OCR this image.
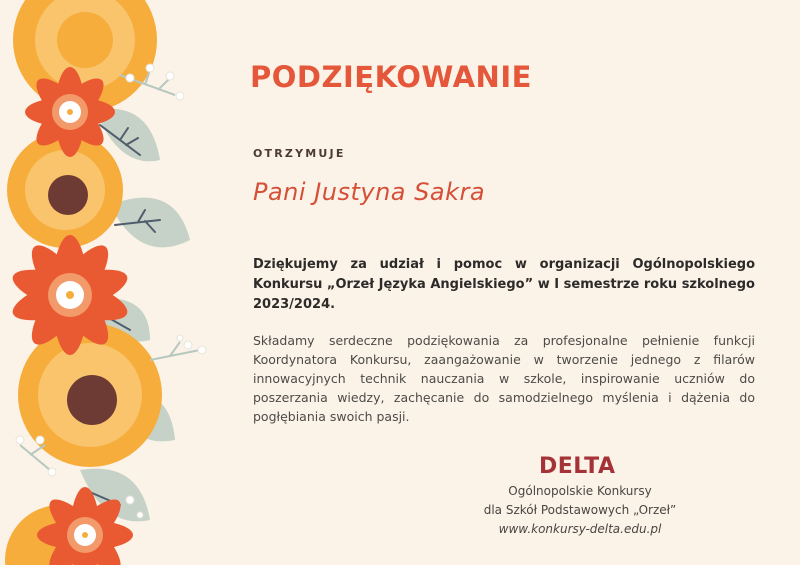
PODZIĘKOWANIE
OTRZYMUJE
Pani Justyna Sakra
Dziękujemy za udział i pomoc w organizacji Ogólnopolskiego Konkursu „Orzeł Języka Angielskiego” w I semestrze roku szkolnego 2023/2024.
Składamy serdeczne podziękowania za profesjonalne pełnienie funkcji Koordynatora Konkursu, zaangażowanie w tworzenie jednego z filarów innowacyjnych technik nauczania w szkole, inspirowanie uczniów do poszerzania wiedzy, zachęcanie do samodzielnego myślenia i dążenia do pogłębiania swoich pasji.
DELTA
Ogólnopolskie Konkursy
dla Szkół Podstawowych „Orzeł”
www.konkursy-delta.edu.pl
